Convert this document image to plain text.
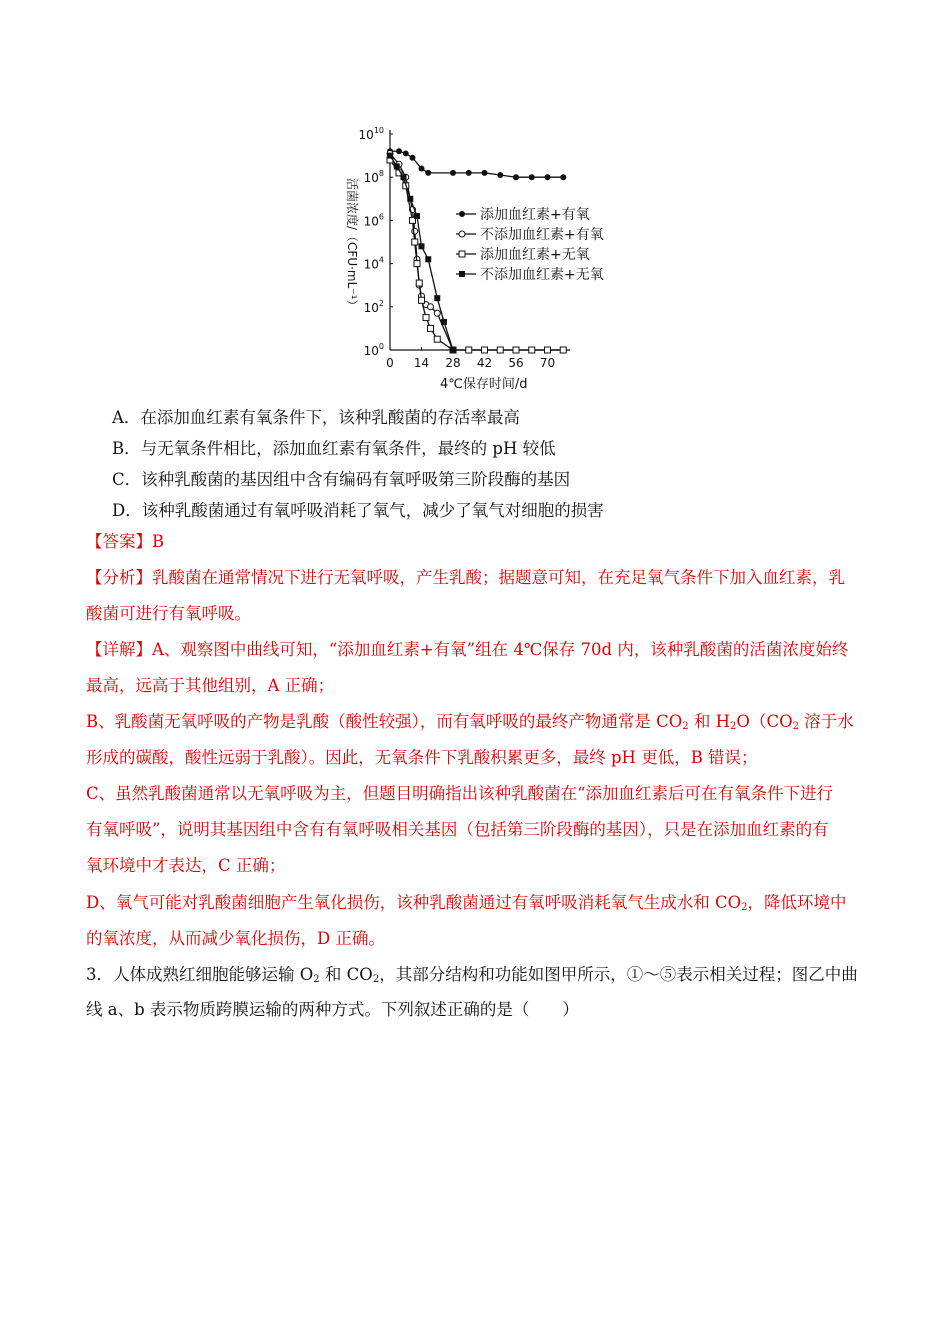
$10^0$
$10^2$
$10^4$
$10^6$
$10^8$
$10^{10}$
0 14 28 42 56 70
添加血红素+有氧
不添加血红素+有氧
添加血红素+无氧
不添加血红素+无氧
4℃保存时间/d
活菌浓度/（CFU·mL⁻¹）
A．在添加血红素有氧条件下，该种乳酸菌的存活率最高
B．与无氧条件相比，添加血红素有氧条件，最终的 pH 较低
C．该种乳酸菌的基因组中含有编码有氧呼吸第三阶段酶的基因
D．该种乳酸菌通过有氧呼吸消耗了氧气，减少了氧气对细胞的损害
【答案】B
【分析】乳酸菌在通常情况下进行无氧呼吸，产生乳酸；据题意可知，在充足氧气条件下加入血红素，乳
酸菌可进行有氧呼吸。
【详解】A、观察图中曲线可知，“添加血红素+有氧”组在 4℃保存 70d 内，该种乳酸菌的活菌浓度始终
最高，远高于其他组别，A 正确；
B、乳酸菌无氧呼吸的产物是乳酸（酸性较强），而有氧呼吸的最终产物通常是 $CO_2$ 和 $H_2O(CO_2$ 溶于水
形成的碳酸，酸性远弱于乳酸）。因此，无氧条件下乳酸积累更多，最终 pH 更低，B 错误；
C、虽然乳酸菌通常以无氧呼吸为主，但题目明确指出该种乳酸菌在“添加血红素后可在有氧条件下进行
有氧呼吸”，说明其基因组中含有有氧呼吸相关基因（包括第三阶段酶的基因），只是在添加血红素的有
氧环境中才表达，C 正确；
D、氧气可能对乳酸菌细胞产生氧化损伤，该种乳酸菌通过有氧呼吸消耗氧气生成水和 $CO_2$，降低环境中
的氧浓度，从而减少氧化损伤，D 正确。
3．人体成熟红细胞能够运输 $O_2$ 和 $CO_2$，其部分结构和功能如图甲所示，①～⑤表示相关过程；图乙中曲
线 a、b 表示物质跨膜运输的两种方式。下列叙述正确的是（　　）
